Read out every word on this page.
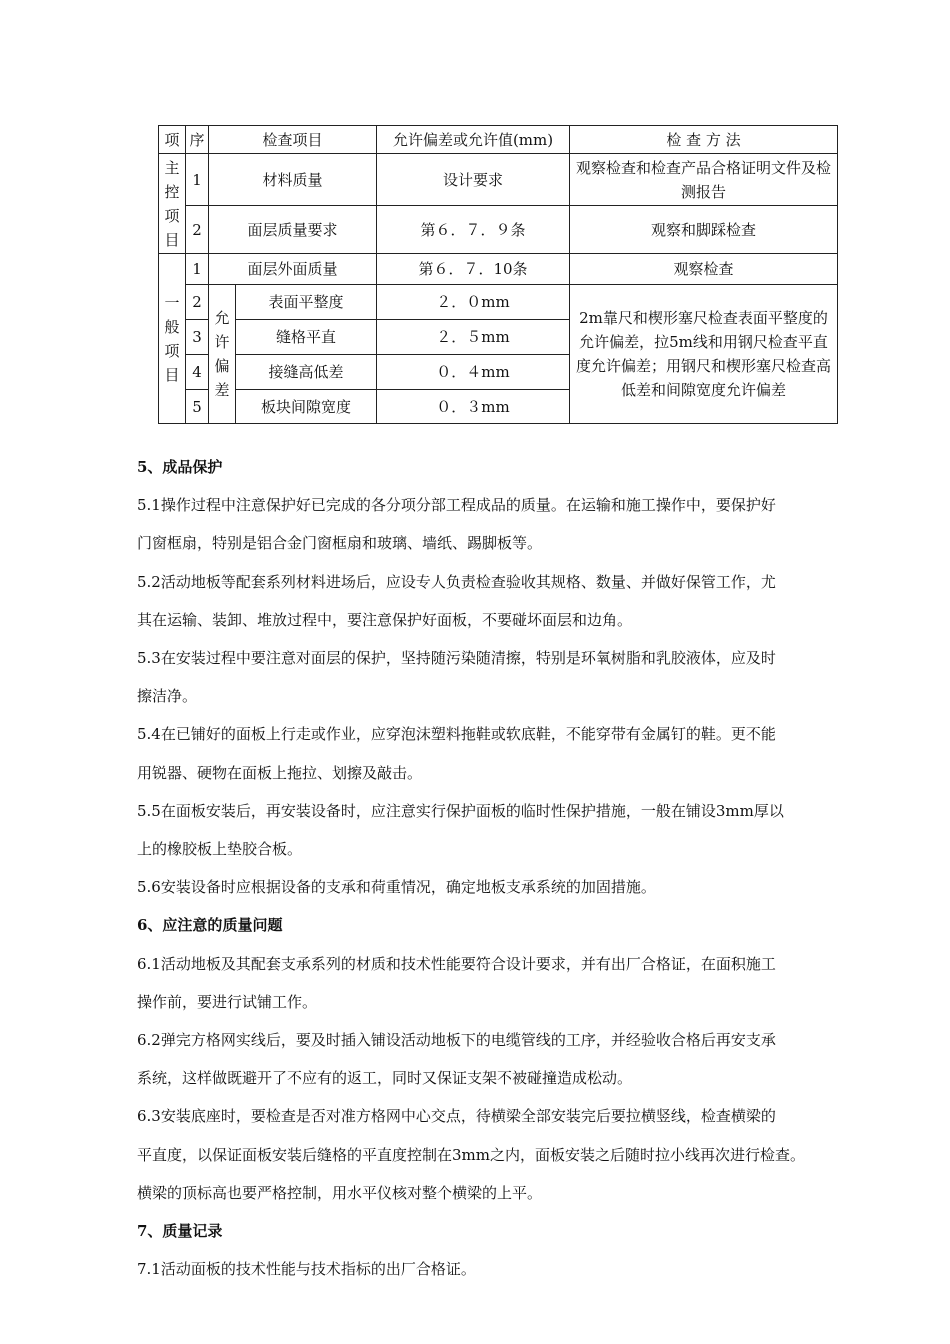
项	序	检查项目		允许偏差或允许值(mm)	检 查 方 法
主控项目	1	材料质量		设计要求	观察检查和检查产品合格证明文件及检测报告
	2	面层质量要求		第６．７．９条	观察和脚踩检查
一般项目	1	面层外面质量		第６．７．10条	观察检查
	2	允许偏差	表面平整度	２．０mm	2m靠尺和楔形塞尺检查表面平整度的允许偏差，拉5m线和用钢尺检查平直度允许偏差；用钢尺和楔形塞尺检查高低差和间隙宽度允许偏差
	3		缝格平直	２．５mm	
	4		接缝高低差	０．４mm	
	5		板块间隙宽度	０．３mm	
5、成品保护

5.1操作过程中注意保护好已完成的各分项分部工程成品的质量。在运输和施工操作中，要保护好

门窗框扇，特别是铝合金门窗框扇和玻璃、墙纸、踢脚板等。

5.2活动地板等配套系列材料进场后，应设专人负责检查验收其规格、数量、并做好保管工作，尤

其在运输、装卸、堆放过程中，要注意保护好面板，不要碰坏面层和边角。

5.3在安装过程中要注意对面层的保护，坚持随污染随清擦，特别是环氧树脂和乳胶液体，应及时

擦洁净。

5.4在已铺好的面板上行走或作业，应穿泡沫塑料拖鞋或软底鞋，不能穿带有金属钉的鞋。更不能

用锐器、硬物在面板上拖拉、划擦及敲击。

5.5在面板安装后，再安装设备时，应注意实行保护面板的临时性保护措施，一般在铺设3mm厚以

上的橡胶板上垫胶合板。

5.6安装设备时应根据设备的支承和荷重情况，确定地板支承系统的加固措施。

6、应注意的质量问题

6.1活动地板及其配套支承系列的材质和技术性能要符合设计要求，并有出厂合格证，在面积施工

操作前，要进行试铺工作。

6.2弹完方格网实线后，要及时插入铺设活动地板下的电缆管线的工序，并经验收合格后再安支承

系统，这样做既避开了不应有的返工，同时又保证支架不被碰撞造成松动。

6.3安装底座时，要检查是否对准方格网中心交点，待横梁全部安装完后要拉横竖线，检查横梁的

平直度，以保证面板安装后缝格的平直度控制在3mm之内，面板安装之后随时拉小线再次进行检查。

横梁的顶标高也要严格控制，用水平仪核对整个横梁的上平。

7、质量记录

7.1活动面板的技术性能与技术指标的出厂合格证。
